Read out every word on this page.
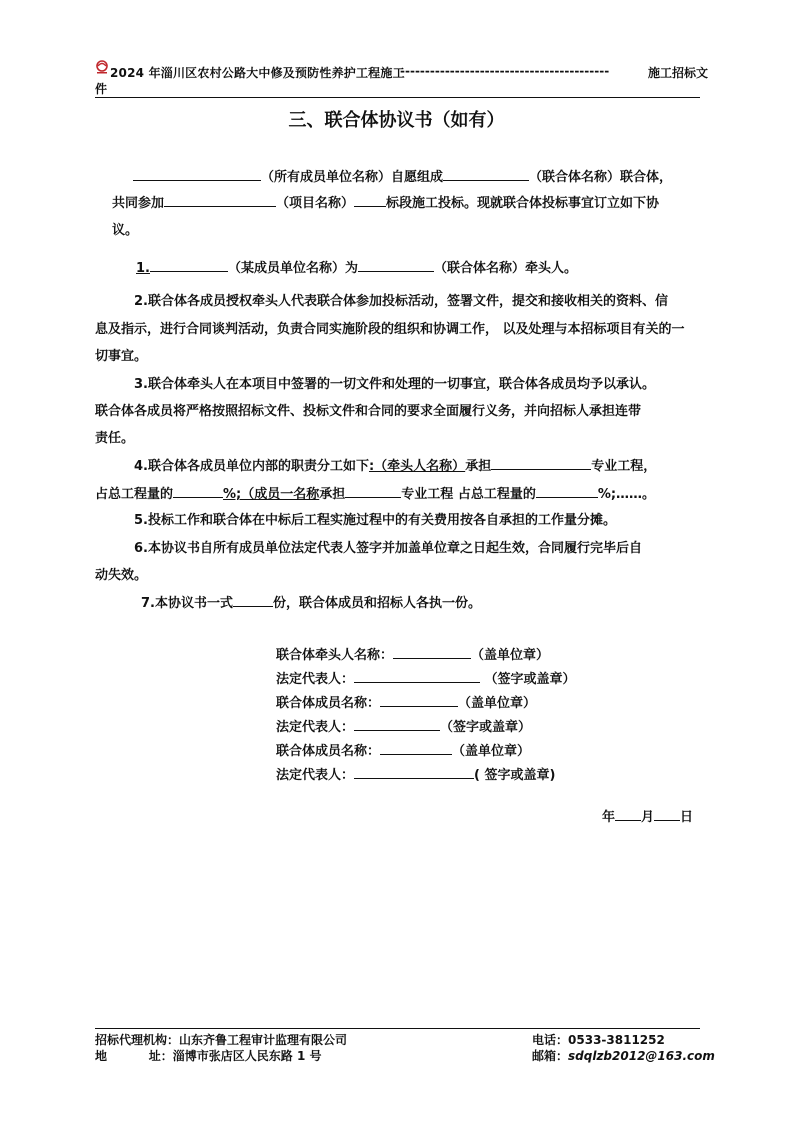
2024 年淄川区农村公路大中修及预防性养护工程施工
------------------------------------------	施工招标文
件
三、联合体协议书（如有）
（所有成员单位名称）自愿组成	（联合体名称）联合体，
共同参加	（项目名称） 标段施工投标。现就联合体投标事宜订立如下协
议。
1.	（某成员单位名称）为	（联合体名称）牵头人。
2.联合体各成员授权牵头人代表联合体参加投标活动，签署文件，提交和接收相关的资料、信
息及指示，进行合同谈判活动，负责合同实施阶段的组织和协调工作， 以及处理与本招标项目有关的一
切事宜。
3.联合体牵头人在本项目中签署的一切文件和处理的一切事宜，联合体各成员均予以承认。
联合体各成员将严格按照招标文件、投标文件和合同的要求全面履行义务，并向招标人承担连带
责任。
4.联合体各成员单位内部的职责分工如下:（牵头人名称）承担	专业工程，
占总工程量的	%;（成员一名称承担	专业工程 占总工程量的	%;……。
5.投标工作和联合体在中标后工程实施过程中的有关费用按各自承担的工作量分摊。
6.本协议书自所有成员单位法定代表人签字并加盖单位章之日起生效，合同履行完毕后自
动失效。
7.本协议书一式	份，联合体成员和招标人各执一份。
联合体牵头人名称：	（盖单位章）
法定代表人：	（签字或盖章）
联合体成员名称：	（盖单位章）
法定代表人：	（签字或盖章）
联合体成员名称：	（盖单位章）
法定代表人：	( 签字或盖章)
年 月 日
招标代理机构：山东齐鲁工程审计监理有限公司	电话：0533-3811252
地          址：淄博市张店区人民东路 1 号	邮箱：sdqlzb2012@163.com
